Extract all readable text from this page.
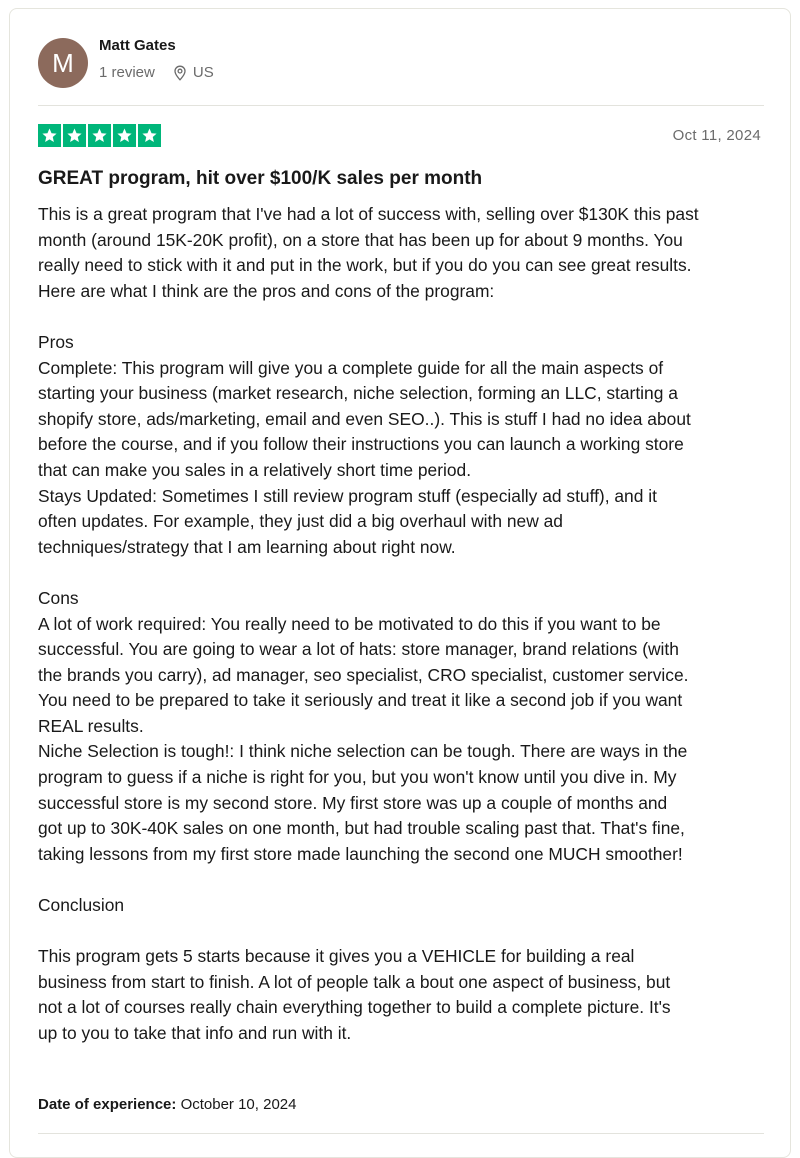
M
Matt Gates
1 review	US
Oct 11, 2024
GREAT program, hit over $100/K sales per month

This is a great program that I've had a lot of success with, selling over $130K this past

month (around 15K-20K profit), on a store that has been up for about 9 months. You

really need to stick with it and put in the work, but if you do you can see great results.

Here are what I think are the pros and cons of the program:

Pros

Complete: This program will give you a complete guide for all the main aspects of

starting your business (market research, niche selection, forming an LLC, starting a

shopify store, ads/marketing, email and even SEO..). This is stuff I had no idea about

before the course, and if you follow their instructions you can launch a working store

that can make you sales in a relatively short time period.

Stays Updated: Sometimes I still review program stuff (especially ad stuff), and it

often updates. For example, they just did a big overhaul with new ad

techniques/strategy that I am learning about right now.

Cons

A lot of work required: You really need to be motivated to do this if you want to be

successful. You are going to wear a lot of hats: store manager, brand relations (with

the brands you carry), ad manager, seo specialist, CRO specialist, customer service.

You need to be prepared to take it seriously and treat it like a second job if you want

REAL results.

Niche Selection is tough!: I think niche selection can be tough. There are ways in the

program to guess if a niche is right for you, but you won't know until you dive in. My

successful store is my second store. My first store was up a couple of months and

got up to 30K-40K sales on one month, but had trouble scaling past that. That's fine,

taking lessons from my first store made launching the second one MUCH smoother!

Conclusion

This program gets 5 starts because it gives you a VEHICLE for building a real

business from start to finish. A lot of people talk a bout one aspect of business, but

not a lot of courses really chain everything together to build a complete picture. It's

up to you to take that info and run with it.

Date of experience: October 10, 2024
